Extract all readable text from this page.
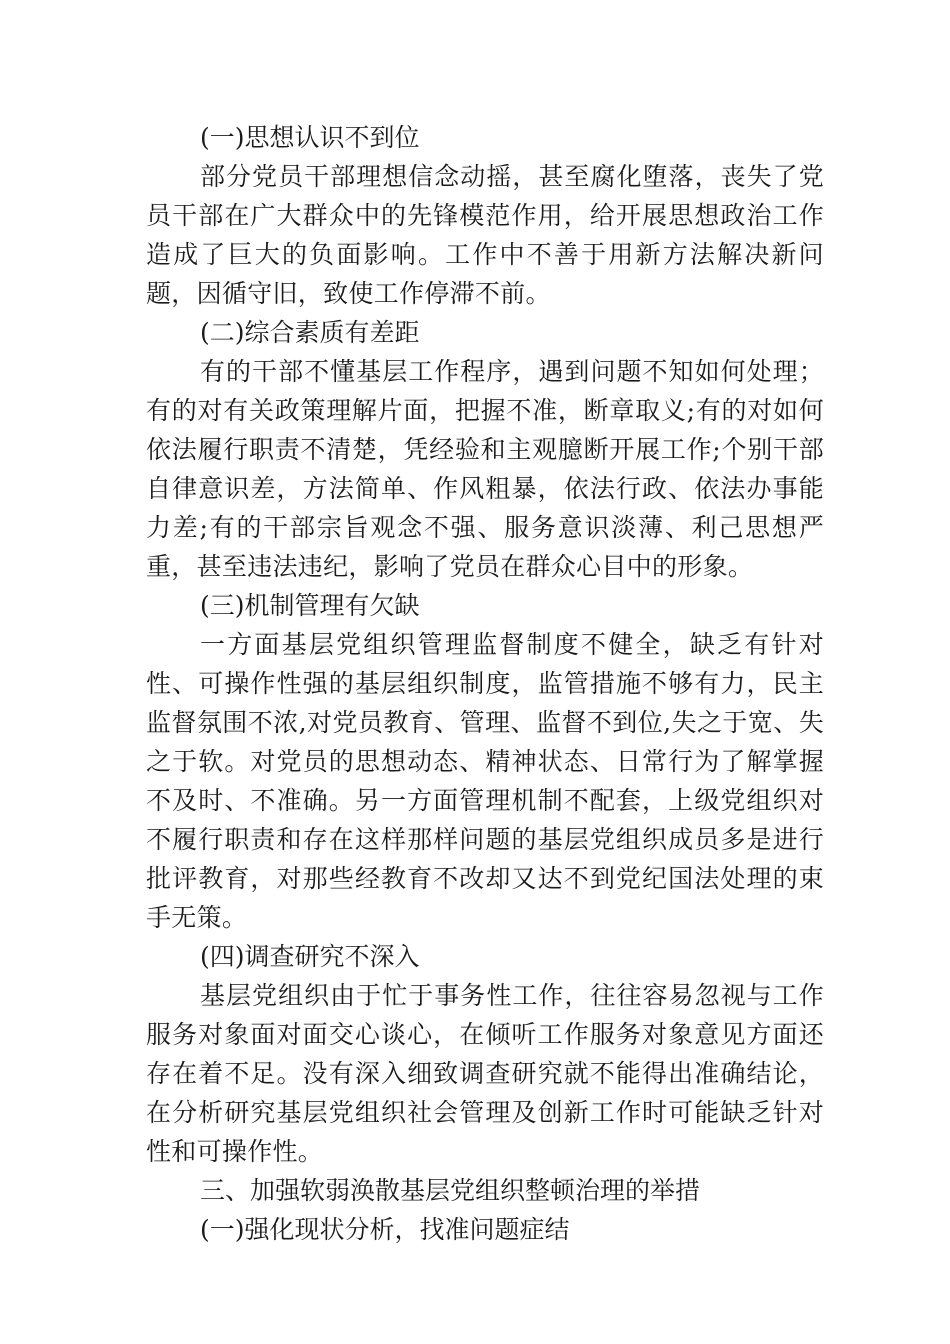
(一)思想认识不到位

部分党员干部理想信念动摇，甚至腐化堕落，丧失了党员干部在广大群众中的先锋模范作用，给开展思想政治工作造成了巨大的负面影响。工作中不善于用新方法解决新问题，因循守旧，致使工作停滞不前。

(二)综合素质有差距

有的干部不懂基层工作程序，遇到问题不知如何处理；有的对有关政策理解片面，把握不准，断章取义;有的对如何依法履行职责不清楚，凭经验和主观臆断开展工作;个别干部自律意识差，方法简单、作风粗暴，依法行政、依法办事能力差;有的干部宗旨观念不强、服务意识淡薄、利己思想严重，甚至违法违纪，影响了党员在群众心目中的形象。

(三)机制管理有欠缺

一方面基层党组织管理监督制度不健全，缺乏有针对性、可操作性强的基层组织制度，监管措施不够有力，民主监督氛围不浓,对党员教育、管理、监督不到位,失之于宽、失之于软。对党员的思想动态、精神状态、日常行为了解掌握不及时、不准确。另一方面管理机制不配套，上级党组织对不履行职责和存在这样那样问题的基层党组织成员多是进行批评教育，对那些经教育不改却又达不到党纪国法处理的束手无策。

(四)调查研究不深入

基层党组织由于忙于事务性工作，往往容易忽视与工作服务对象面对面交心谈心，在倾听工作服务对象意见方面还存在着不足。没有深入细致调查研究就不能得出准确结论，在分析研究基层党组织社会管理及创新工作时可能缺乏针对性和可操作性。

三、加强软弱涣散基层党组织整顿治理的举措

(一)强化现状分析，找准问题症结
